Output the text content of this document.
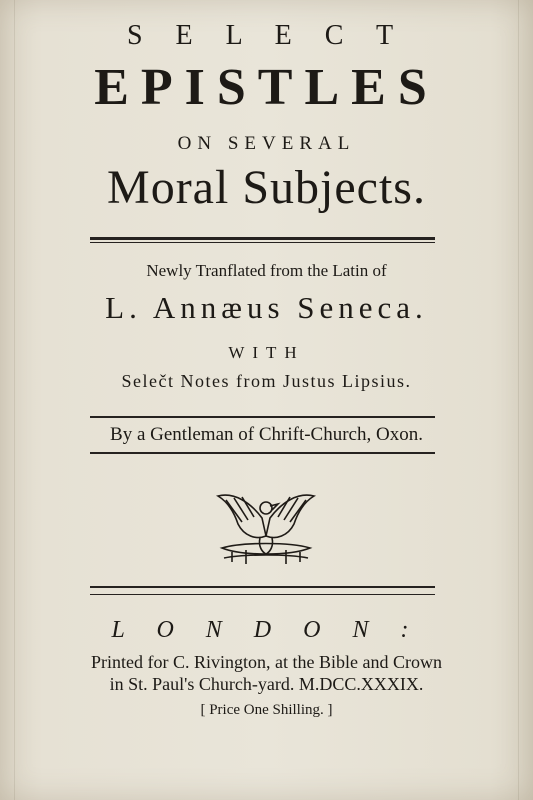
S E L E C T
EPISTLES
ON SEVERAL
Moral Subjects.
Newly Tranflated from the Latin of
L. Annæus Seneca.
WITH
Selečt Notes from Justus Lipsius.
By a Gentleman of Chrift-Church, Oxon.
L O N D O N :
Printed for C. Rivington, at the Bible and Crown
in St. Paul's Church-yard. M.DCC.XXXIX.
[ Price One Shilling. ]
